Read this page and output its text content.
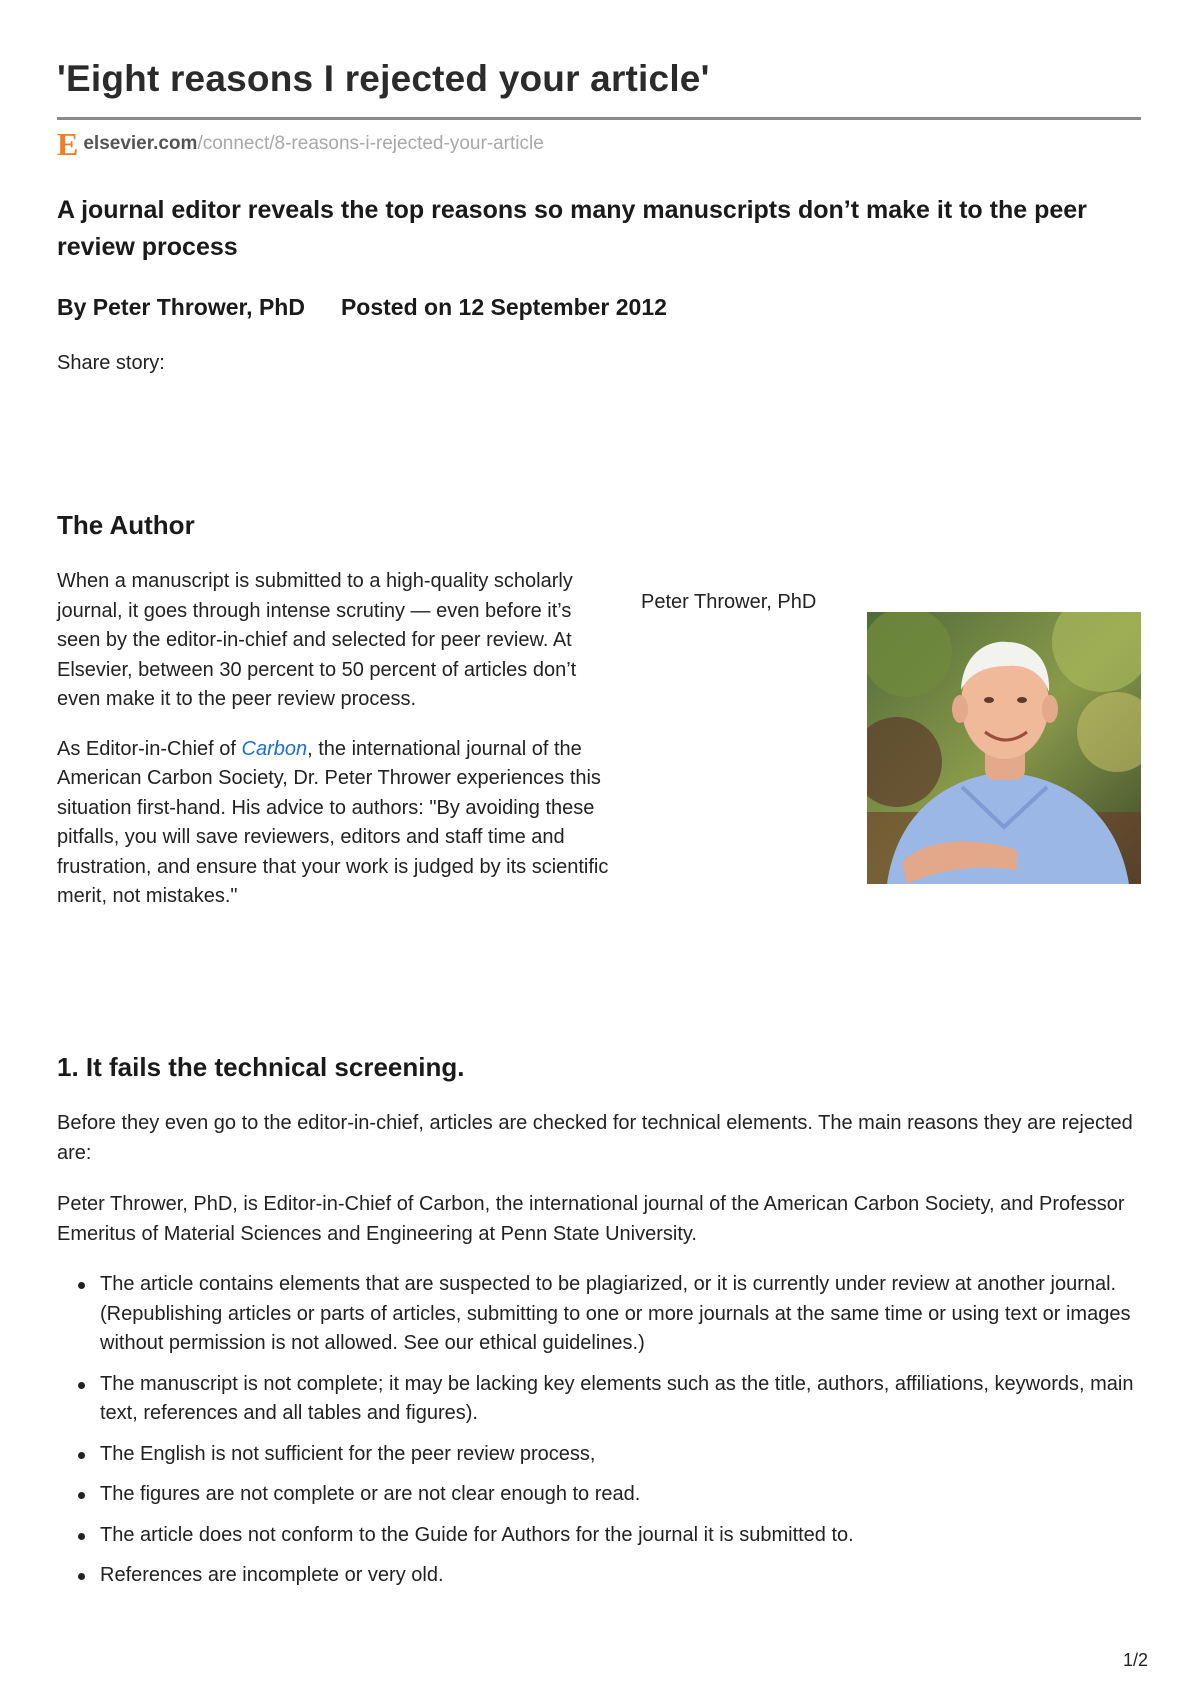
'Eight reasons I rejected your article'
E elsevier.com /connect/8-reasons-i-rejected-your-article
A journal editor reveals the top reasons so many manuscripts don’t make it to the peer review process
By Peter Thrower, PhD Posted on 12 September 2012
Share story:
The Author

When a manuscript is submitted to a high-quality scholarly journal, it goes through intense scrutiny — even before it’s seen by the editor-in-chief and selected for peer review. At Elsevier, between 30 percent to 50 percent of articles don’t even make it to the peer review process.

As Editor-in-Chief of Carbon, the international journal of the American Carbon Society, Dr. Peter Thrower experiences this situation first-hand. His advice to authors: "By avoiding these pitfalls, you will save reviewers, editors and staff time and frustration, and ensure that your work is judged by its scientific merit, not mistakes."

Peter Thrower, PhD
1. It fails the technical screening.

Before they even go to the editor-in-chief, articles are checked for technical elements. The main reasons they are rejected are:

Peter Thrower, PhD, is Editor-in-Chief of Carbon, the international journal of the American Carbon Society, and Professor Emeritus of Material Sciences and Engineering at Penn State University.

The article contains elements that are suspected to be plagiarized, or it is currently under review at another journal. (Republishing articles or parts of articles, submitting to one or more journals at the same time or using text or images without permission is not allowed. See our ethical guidelines.)
The manuscript is not complete; it may be lacking key elements such as the title, authors, affiliations, keywords, main text, references and all tables and figures).
The English is not sufficient for the peer review process,
The figures are not complete or are not clear enough to read.
The article does not conform to the Guide for Authors for the journal it is submitted to.
References are incomplete or very old.
1/2
